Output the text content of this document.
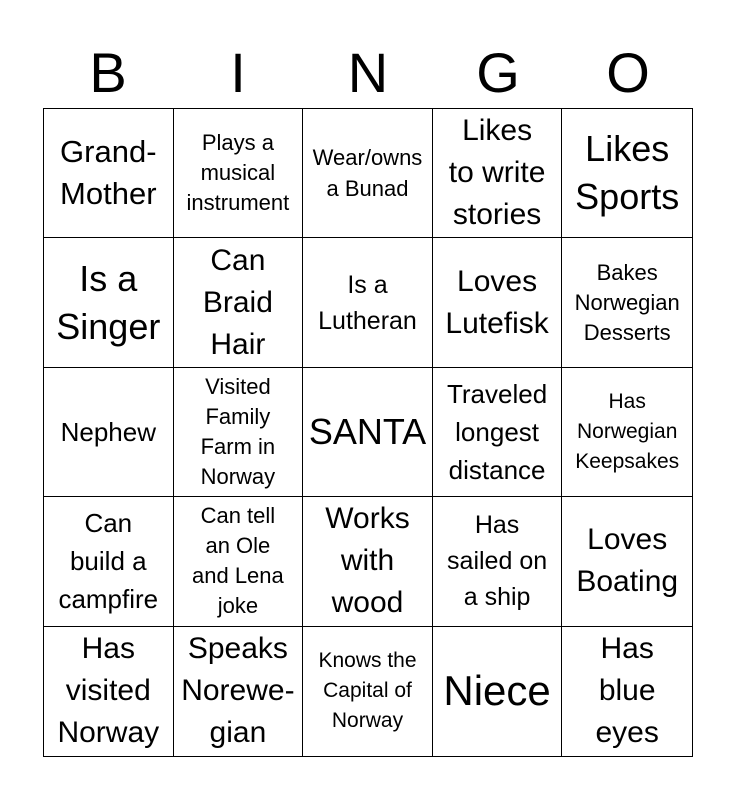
B	I	N	G	O
Grand-
Mother
Plays a
musical
instrument
Wear/owns
a Bunad
Likes
to write
stories
Likes
Sports
Is a
Singer
Can
Braid
Hair
Is a
Lutheran
Loves
Lutefisk
Bakes
Norwegian
Desserts
Nephew
Visited
Family
Farm in
Norway
SANTA
Traveled
longest
distance
Has
Norwegian
Keepsakes
Can
build a
campfire
Can tell
an Ole
and Lena
joke
Works
with
wood
Has
sailed on
a ship
Loves
Boating
Has
visited
Norway
Speaks
Norewe-
gian
Knows the
Capital of
Norway
Niece
Has
blue
eyes
